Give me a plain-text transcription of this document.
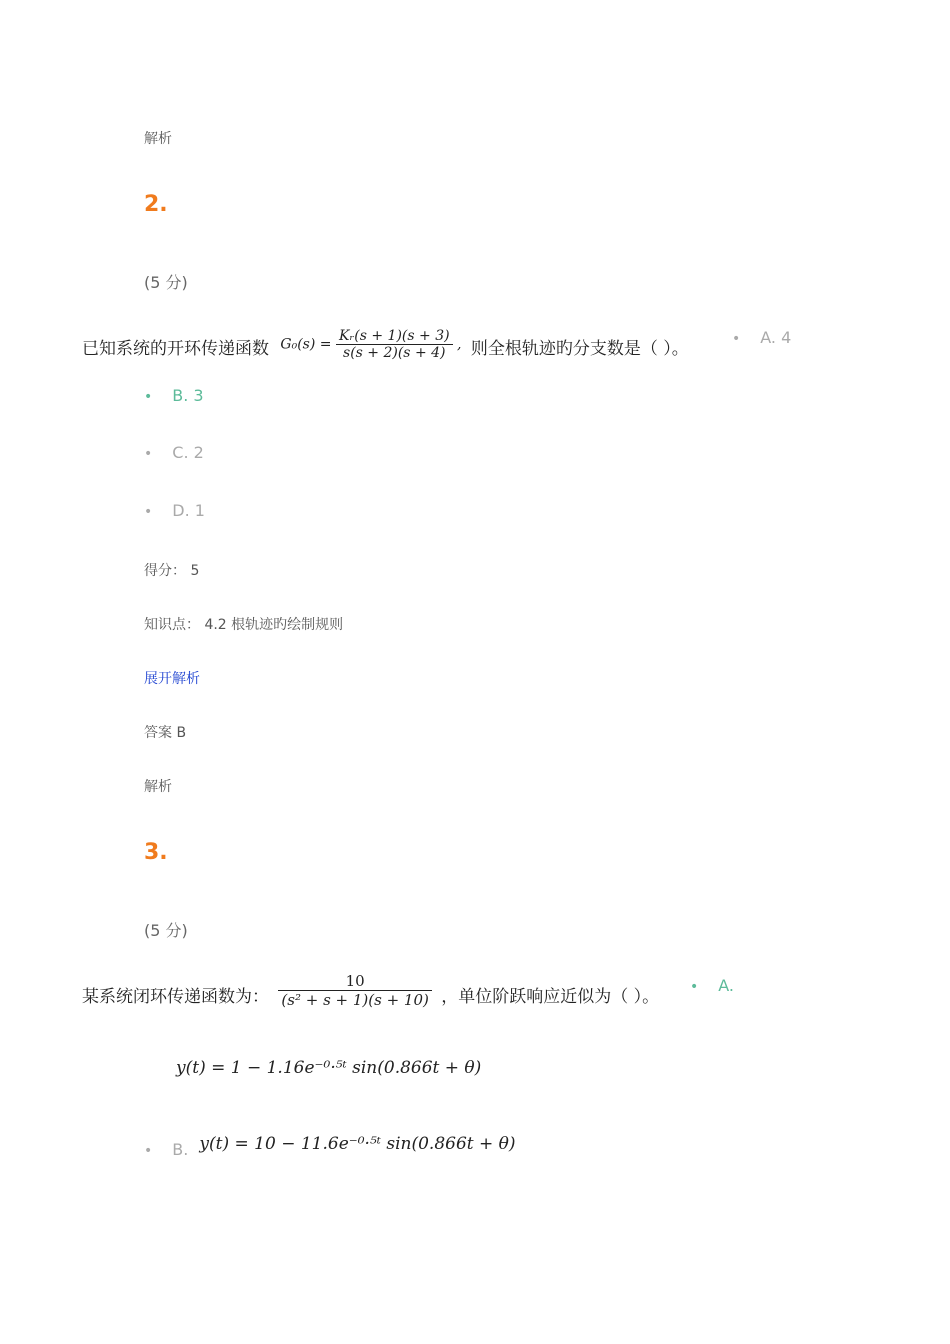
解析
2.
(5 分)
已知系统的开环传递函数 $G_0(s) = \frac{\text{Kᵣ(s + 1)(s + 3)}}{s(s + 2)(s + 4)}$ , 则全根轨迹旳分支数是（ ）。	• A. 4
• B. 3
• C. 2
• D. 1
得分： 5
知识点： 4.2 根轨迹旳绘制规则
展开解析
答案 B
解析
3.
(5 分)
某系统闭环传递函数为： $\frac{10}{\text{(s² + s + 1)(s + 10)}}$ ，单位阶跃响应近似为（ ）。 • A.
y(t) = 1 − 1.16e⁻⁰·⁵ᵗ sin(0.866t + θ)
• B. y(t) = 10 − 11.6e⁻⁰·⁵ᵗ sin(0.866t + θ)
